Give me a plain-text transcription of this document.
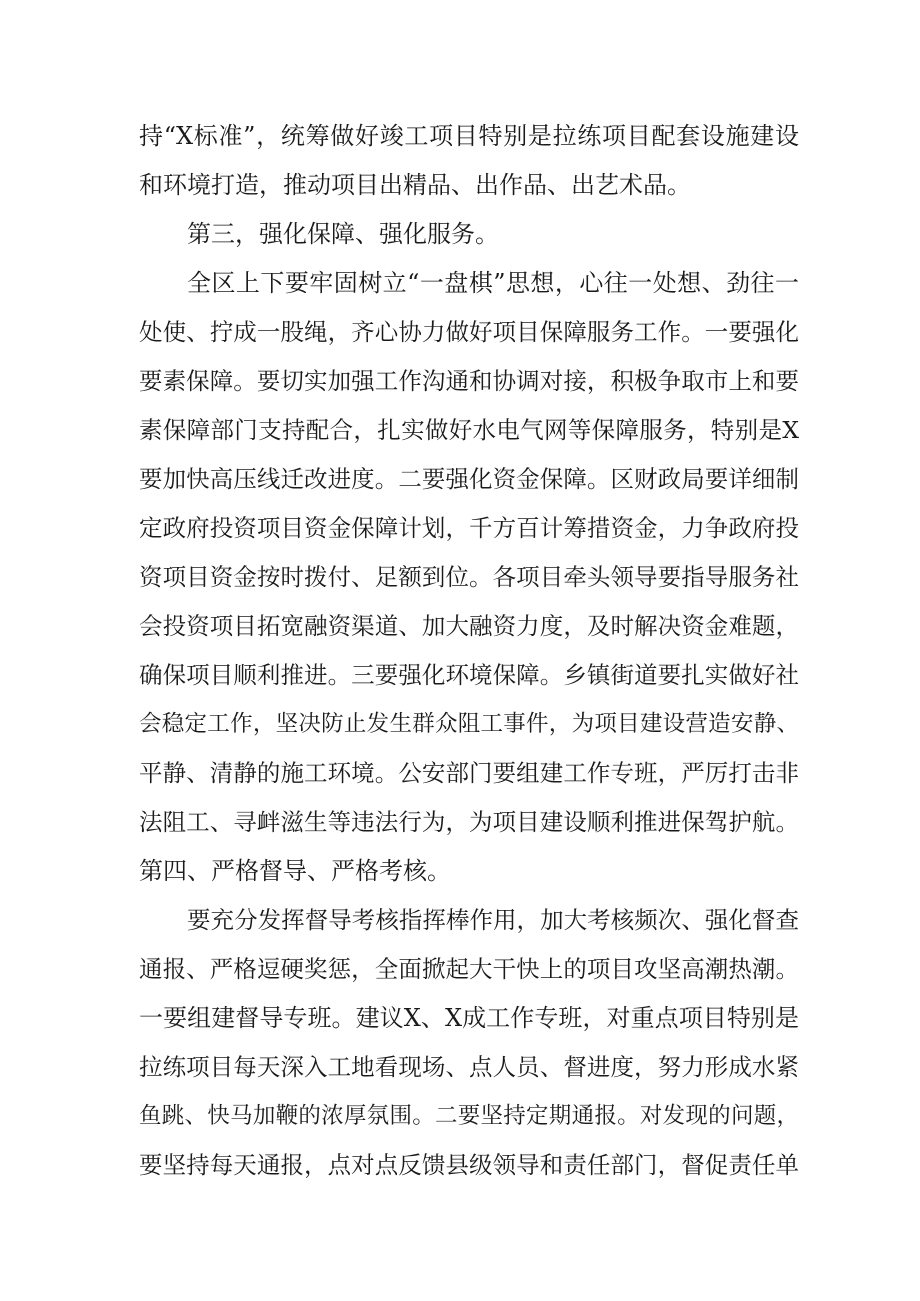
持“X标准”，统筹做好竣工项目特别是拉练项目配套设施建设
和环境打造，推动项目出精品、出作品、出艺术品。
第三，强化保障、强化服务。
全区上下要牢固树立“一盘棋”思想，心往一处想、劲往一
处使、拧成一股绳，齐心协力做好项目保障服务工作。一要强化
要素保障。要切实加强工作沟通和协调对接，积极争取市上和要
素保障部门支持配合，扎实做好水电气网等保障服务，特别是X
要加快高压线迁改进度。二要强化资金保障。区财政局要详细制
定政府投资项目资金保障计划，千方百计筹措资金，力争政府投
资项目资金按时拨付、足额到位。各项目牵头领导要指导服务社
会投资项目拓宽融资渠道、加大融资力度，及时解决资金难题，
确保项目顺利推进。三要强化环境保障。乡镇街道要扎实做好社
会稳定工作，坚决防止发生群众阻工事件，为项目建设营造安静、
平静、清静的施工环境。公安部门要组建工作专班，严厉打击非
法阻工、寻衅滋生等违法行为，为项目建设顺利推进保驾护航。
第四、严格督导、严格考核。
要充分发挥督导考核指挥棒作用，加大考核频次、强化督查
通报、严格逗硬奖惩，全面掀起大干快上的项目攻坚高潮热潮。
一要组建督导专班。建议X、X成工作专班，对重点项目特别是
拉练项目每天深入工地看现场、点人员、督进度，努力形成水紧
鱼跳、快马加鞭的浓厚氛围。二要坚持定期通报。对发现的问题，
要坚持每天通报，点对点反馈县级领导和责任部门，督促责任单
